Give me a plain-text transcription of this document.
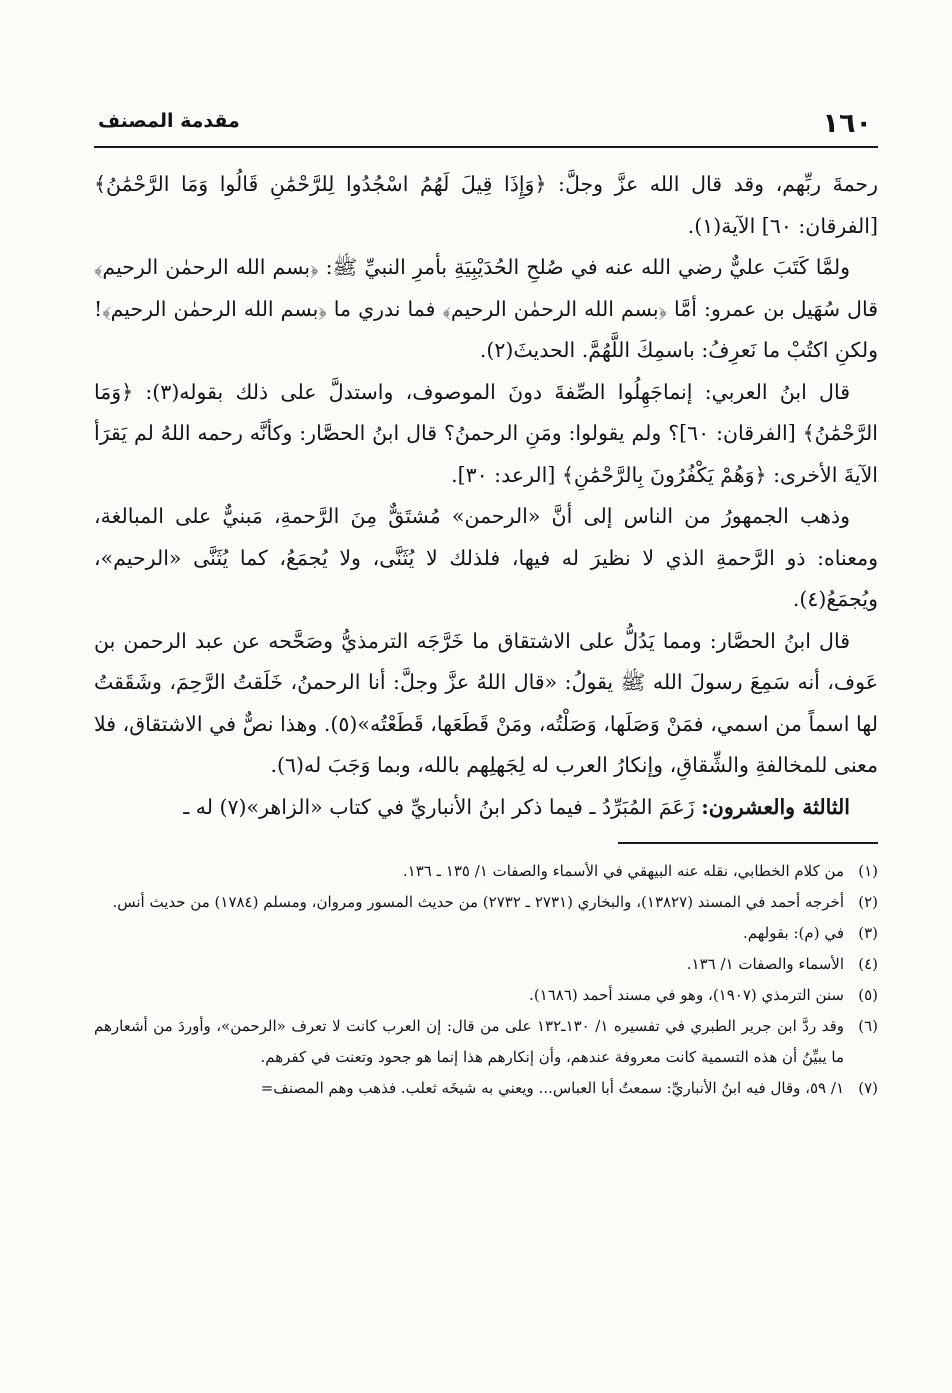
١٦٠
مقدمة المصنف

رحمةَ ربِّهم، وقد قال الله عزَّ وجلَّ: ﴿وَإِذَا قِيلَ لَهُمُ اسْجُدُوا لِلرَّحْمَٰنِ قَالُوا وَمَا الرَّحْمَٰنُ﴾ [الفرقان: ٦٠] الآية(١).

ولمَّا كَتَبَ عليٌّ رضي الله عنه في صُلحِ الحُدَيْبِيَةِ بأمرِ النبيِّ ﷺ: ﴿بسم الله الرحمٰن الرحيم﴾ قال سُهَيل بن عمرو: أمَّا ﴿بسم الله الرحمٰن الرحيم﴾ فما ندري ما ﴿بسم الله الرحمٰن الرحيم﴾! ولكنِ اكتُبْ ما نَعرِفُ: باسمِكَ اللَّهُمَّ. الحديثَ(٢).

قال ابنُ العربي: إنماجَهِلُوا الصِّفةَ دونَ الموصوف، واستدلَّ على ذلك بقوله(٣): ﴿وَمَا الرَّحْمَٰنُ﴾ [الفرقان: ٦٠]؟ ولم يقولوا: ومَنِ الرحمنُ؟ قال ابنُ الحصَّار: وكأنَّه رحمه اللهُ لم يَقرَأ الآيةَ الأخرى: ﴿وَهُمْ يَكْفُرُونَ بِالرَّحْمَٰنِ﴾ [الرعد: ٣٠].

وذهب الجمهورُ من الناس إلى أنَّ «الرحمن» مُشتَقٌّ مِنَ الرَّحمةِ، مَبنيٌّ على المبالغة، ومعناه: ذو الرَّحمةِ الذي لا نظيرَ له فيها، فلذلك لا يُثَنَّى، ولا يُجمَعُ، كما يُثَنَّى «الرحيم»، ويُجمَعُ(٤).

قال ابنُ الحصَّار: ومما يَدُلُّ على الاشتقاق ما خَرَّجَه الترمذيُّ وصَحَّحه عن عبد الرحمن بن عَوف، أنه سَمِعَ رسولَ الله ﷺ يقولُ: «قال اللهُ عزَّ وجلَّ: أنا الرحمنُ، خَلَقتُ الرَّحِمَ، وشَقَقتُ لها اسماً من اسمي، فمَنْ وَصَلَها، وَصَلْتُه، ومَنْ قَطَعَها، قَطَعْتُه»(٥). وهذا نصٌّ في الاشتقاق، فلا معنى للمخالفةِ والشِّقاقِ، وإنكارُ العرب له لِجَهلِهم بالله، وبما وَجَبَ له(٦).

الثالثة والعشرون: زَعَمَ المُبَرِّدُ ـ فيما ذكر ابنُ الأنباريِّ في كتاب «الزاهر»(٧) له ـ

(١)
من كلام الخطابي، نقله عنه البيهقي في الأسماء والصفات ١/ ١٣٥ ـ ١٣٦.
(٢)
أخرجه أحمد في المسند (١٣٨٢٧)، والبخاري (٢٧٣١ ـ ٢٧٣٢) من حديث المسور ومروان، ومسلم (١٧٨٤) من حديث أنس.
(٣)
في (م): بقولهم.
(٤)
الأسماء والصفات ١/ ١٣٦.
(٥)
سنن الترمذي (١٩٠٧)، وهو في مسند أحمد (١٦٨٦).
(٦)
وقد ردَّ ابن جرير الطبري في تفسيره ١/ ١٣٠ـ١٣٢ على من قال: إن العرب كانت لا تعرف «الرحمن»، وأوردَ من أشعارهم ما يبيِّنُ أن هذه التسمية كانت معروفة عندهم، وأن إنكارهم هذا إنما هو جحود وتعنت في كفرهم.
(٧)
١/ ٥٩، وقال فيه ابنُ الأنباريِّ: سمعتُ أبا العباس... ويعني به شيخَه ثعلب. فذهب وهم المصنف=
